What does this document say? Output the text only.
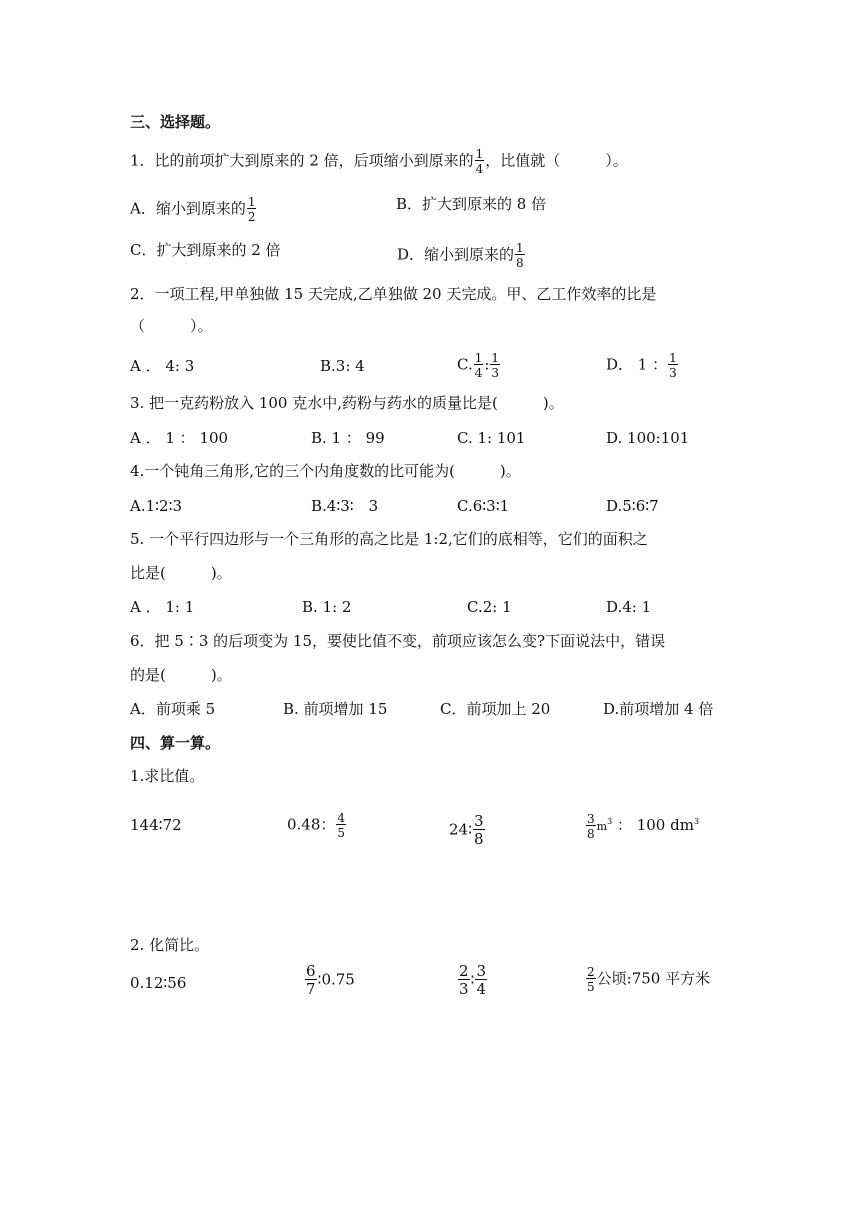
三、选择题。
1．比的前项扩大到原来的 2 倍，后项缩小到原来的 $\frac{1}{4}$ ，比值就（　　　）。
A．缩小到原来的 $\frac{1}{2}$	B．扩大到原来的 8 倍
C．扩大到原来的 2 倍	D．缩小到原来的 $\frac{1}{8}$
2．一项工程,甲单独做 15 天完成,乙单独做 20 天完成。甲、乙工作效率的比是
（　　　）。
A ． 4: 3	B.3: 4	C. $\frac{1}{4}$ : $\frac{1}{3}$	D． 1 ： $\frac{1}{3}$
3. 把一克药粉放入 100 克水中,药粉与药水的质量比是(　　　)。
A ． 1 ： 100	B. 1 ： 99	C. 1: 101	D. 100:101
4.一个钝角三角形,它的三个内角度数的比可能为(　　　)。
A.1∶2∶3	B.4∶3∶　3	C.6∶3∶1	D.5∶6∶7
5. 一个平行四边形与一个三角形的高之比是 1:2,它们的底相等，它们的面积之
比是(　　　)。
A ． 1: 1	B. 1: 2	C.2: 1	D.4: 1
6．把 5∶3 的后项变为 15，要使比值不变，前项应该怎么变?下面说法中，错误
的是(　　　)。
A．前项乘 5	B. 前项增加 15	C．前项加上 20	D.前项增加 4 倍
四、算一算。
1.求比值。
144∶72	0.48： $\frac{4}{5}$	24∶ $\frac{3}{8}$	$\frac{3}{8} m^3$ ： 100 $dm^3$
2. 化简比。
0.12∶56	$\frac{6}{7}$ ∶0.75	$\frac{2}{3}$ ∶ $\frac{3}{4}$	$\frac{2}{5}$ 公顷:750 平方米
